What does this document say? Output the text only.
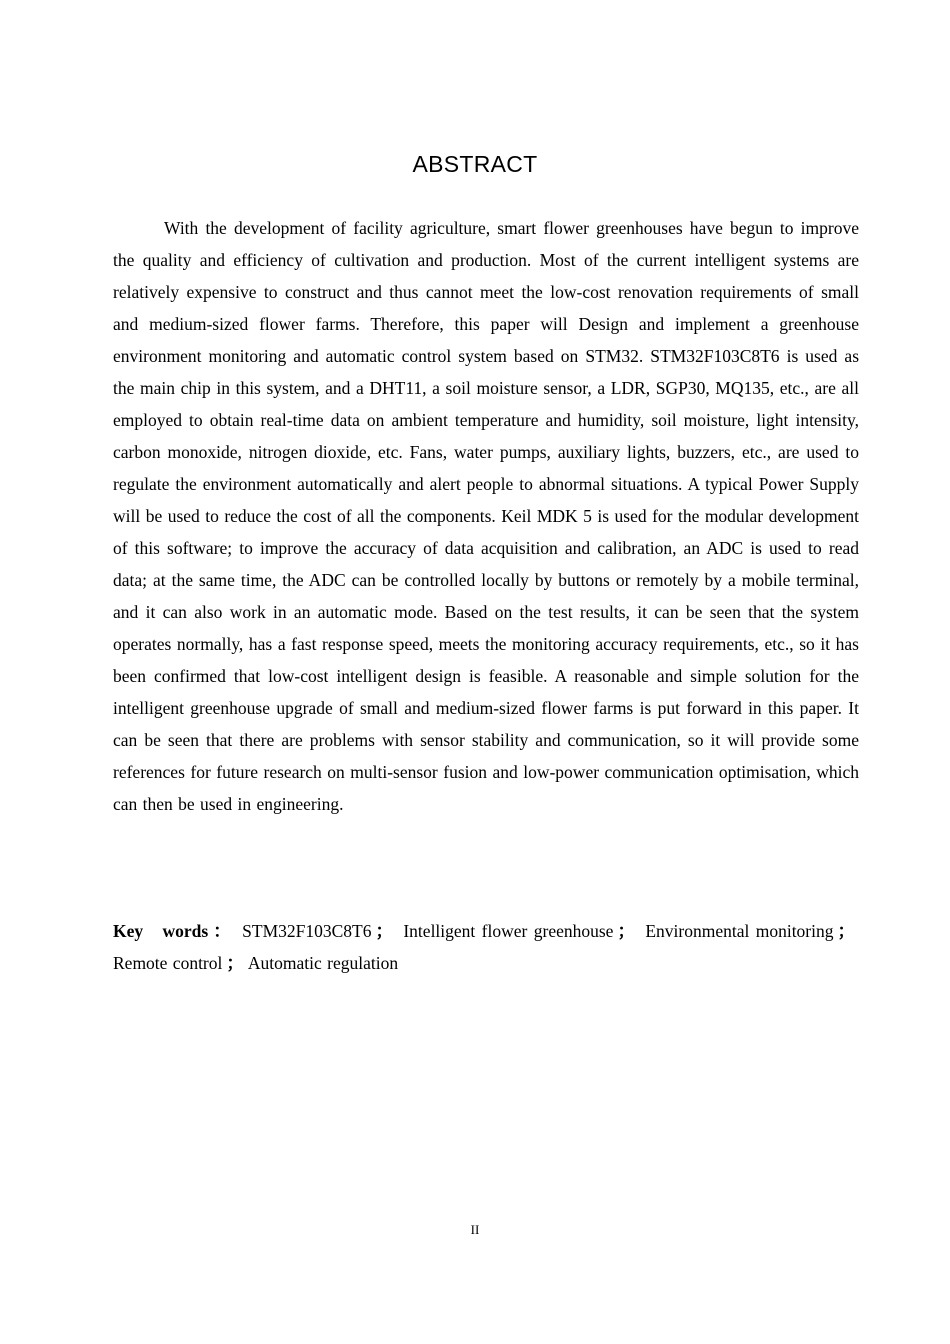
ABSTRACT

With the development of facility agriculture, smart flower greenhouses have begun to improve the quality and efficiency of cultivation and production. Most of the current intelligent systems are relatively expensive to construct and thus cannot meet the low-cost renovation requirements of small and medium-sized flower farms. Therefore, this paper will Design and implement a greenhouse environment monitoring and automatic control system based on STM32. STM32F103C8T6 is used as the main chip in this system, and a DHT11, a soil moisture sensor, a LDR, SGP30, MQ135, etc., are all employed to obtain real-time data on ambient temperature and humidity, soil moisture, light intensity, carbon monoxide, nitrogen dioxide, etc. Fans, water pumps, auxiliary lights, buzzers, etc., are used to regulate the environment automatically and alert people to abnormal situations. A typical Power Supply will be used to reduce the cost of all the components. Keil MDK 5 is used for the modular development of this software; to improve the accuracy of data acquisition and calibration, an ADC is used to read data; at the same time, the ADC can be controlled locally by buttons or remotely by a mobile terminal, and it can also work in an automatic mode. Based on the test results, it can be seen that the system operates normally, has a fast response speed, meets the monitoring accuracy requirements, etc., so it has been confirmed that low-cost intelligent design is feasible. A reasonable and simple solution for the intelligent greenhouse upgrade of small and medium-sized flower farms is put forward in this paper. It can be seen that there are problems with sensor stability and communication, so it will provide some references for future research on multi-sensor fusion and low-power communication optimisation, which can then be used in engineering.

Key words ： STM32F103C8T6 ； Intelligent flower greenhouse ； Environmental monitoring ；Remote control ； Automatic regulation

II
